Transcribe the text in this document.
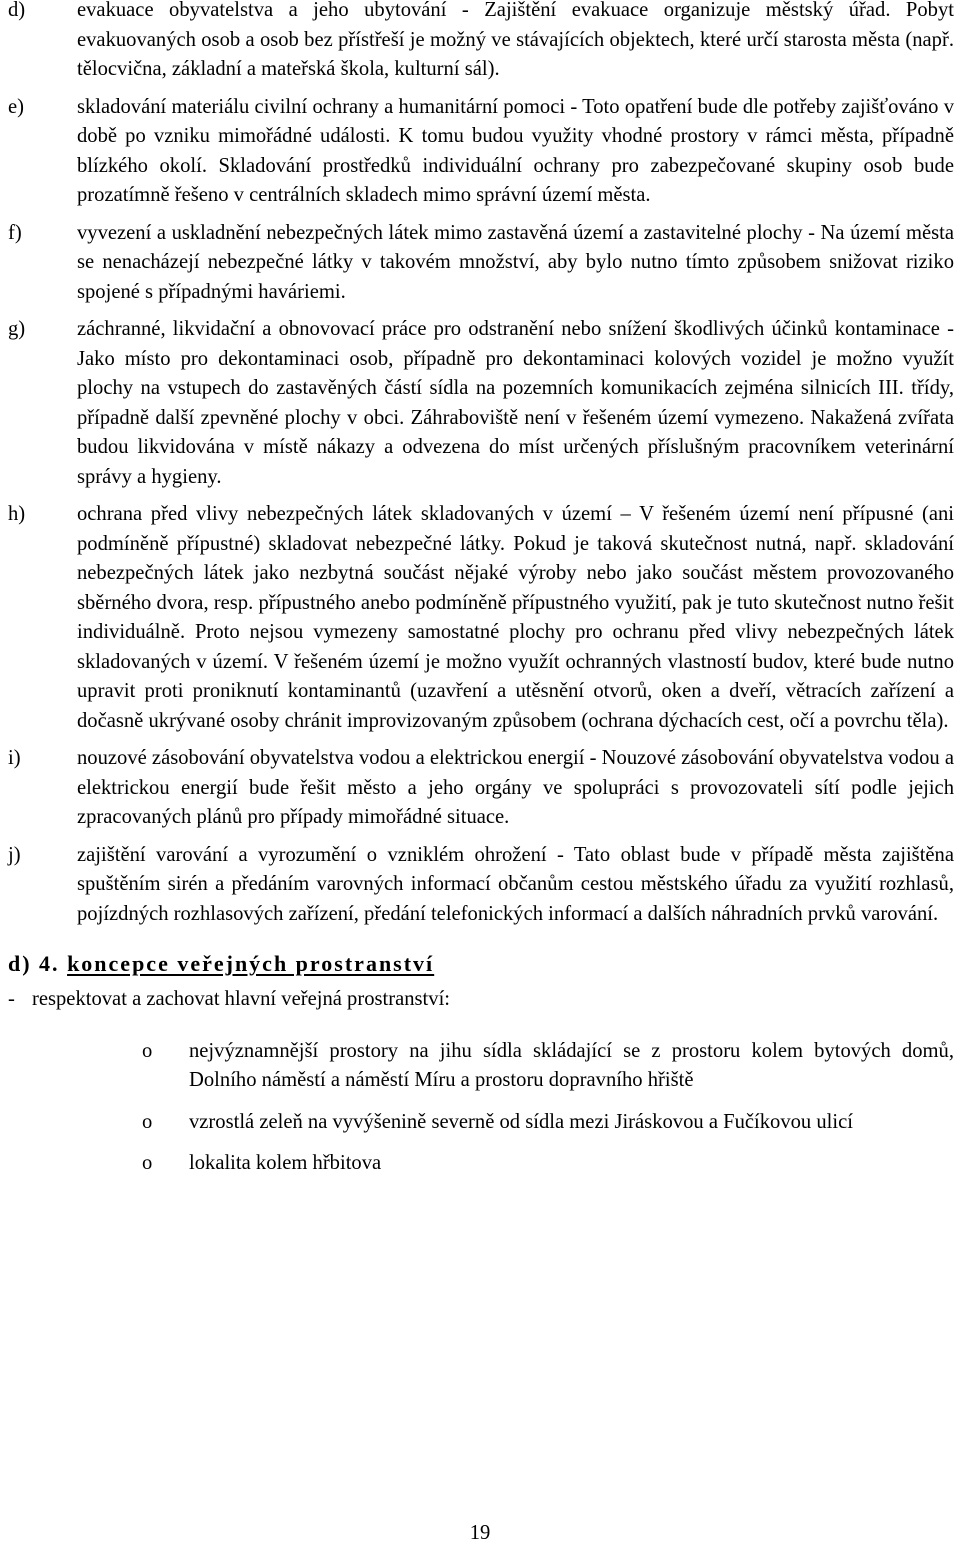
d)	evakuace obyvatelstva a jeho ubytování - Zajištění evakuace organizuje městský úřad. Pobyt evakuovaných osob a osob bez přístřeší je možný ve stávajících objektech, které určí starosta města (např. tělocvična, základní a mateřská škola, kulturní sál).
e)	skladování materiálu civilní ochrany a humanitární pomoci - Toto opatření bude dle potřeby zajišťováno v době po vzniku mimořádné události. K tomu budou využity vhodné prostory v rámci města, případně blízkého okolí. Skladování prostředků individuální ochrany pro zabezpečované skupiny osob bude prozatímně řešeno v centrálních skladech mimo správní území města.
f)	vyvezení a uskladnění nebezpečných látek mimo zastavěná území a zastavitelné plochy - Na území města se nenacházejí nebezpečné látky v takovém množství, aby bylo nutno tímto způsobem snižovat riziko spojené s případnými haváriemi.
g)	záchranné, likvidační a obnovovací práce pro odstranění nebo snížení škodlivých účinků kontaminace - Jako místo pro dekontaminaci osob, případně pro dekontaminaci kolových vozidel je možno využít plochy na vstupech do zastavěných částí sídla na pozemních komunikacích zejména silnicích III. třídy, případně další zpevněné plochy v obci. Záhraboviště není v řešeném území vymezeno. Nakažená zvířata budou likvidována v místě nákazy a odvezena do míst určených příslušným pracovníkem veterinární správy a hygieny.
h)	ochrana před vlivy nebezpečných látek skladovaných v území – V řešeném území není přípusné (ani podmíněně přípustné) skladovat nebezpečné látky. Pokud je taková skutečnost nutná, např. skladování nebezpečných látek jako nezbytná součást nějaké výroby nebo jako součást městem provozovaného sběrného dvora, resp. přípustného anebo podmíněně přípustného využití, pak je tuto skutečnost nutno řešit individuálně. Proto nejsou vymezeny samostatné plochy pro ochranu před vlivy nebezpečných látek skladovaných v území. V řešeném území je možno využít ochranných vlastností budov, které bude nutno upravit proti proniknutí kontaminantů (uzavření a utěsnění otvorů, oken a dveří, větracích zařízení a dočasně ukrývané osoby chránit improvizovaným způsobem (ochrana dýchacích cest, očí a povrchu těla).
i)	nouzové zásobování obyvatelstva vodou a elektrickou energií - Nouzové zásobování obyvatelstva vodou a elektrickou energií bude řešit město a jeho orgány ve spolupráci s provozovateli sítí podle jejich zpracovaných plánů pro případy mimořádné situace.
j)	zajištění varování a vyrozumění o vzniklém ohrožení - Tato oblast bude v případě města zajištěna spuštěním sirén a předáním varovných informací občanům cestou městského úřadu za využití rozhlasů, pojízdných rozhlasových zařízení, předání telefonických informací a dalších náhradních prvků varování.
d) 4. koncepce veřejných prostranství
- respektovat a zachovat hlavní veřejná prostranství:
o nejvýznamnější prostory na jihu sídla skládající se z prostoru kolem bytových domů, Dolního náměstí a náměstí Míru a prostoru dopravního hřiště
o vzrostlá zeleň na vyvýšenině severně od sídla mezi Jiráskovou a Fučíkovou ulicí
o lokalita kolem hřbitova
19
